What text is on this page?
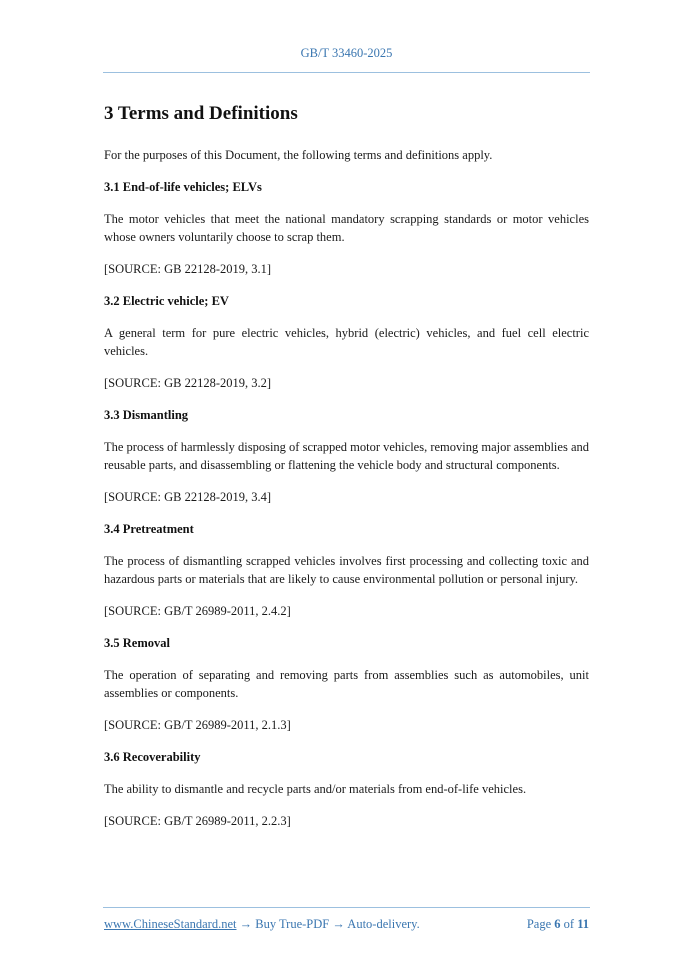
GB/T 33460-2025
3 Terms and Definitions

For the purposes of this Document, the following terms and definitions apply.

3.1 End-of-life vehicles; ELVs

The motor vehicles that meet the national mandatory scrapping standards or motor vehicles whose owners voluntarily choose to scrap them.

[SOURCE: GB 22128-2019, 3.1]

3.2 Electric vehicle; EV

A general term for pure electric vehicles, hybrid (electric) vehicles, and fuel cell electric vehicles.

[SOURCE: GB 22128-2019, 3.2]

3.3 Dismantling

The process of harmlessly disposing of scrapped motor vehicles, removing major assemblies and reusable parts, and disassembling or flattening the vehicle body and structural components.

[SOURCE: GB 22128-2019, 3.4]

3.4 Pretreatment

The process of dismantling scrapped vehicles involves first processing and collecting toxic and hazardous parts or materials that are likely to cause environmental pollution or personal injury.

[SOURCE: GB/T 26989-2011, 2.4.2]

3.5 Removal

The operation of separating and removing parts from assemblies such as automobiles, unit assemblies or components.

[SOURCE: GB/T 26989-2011, 2.1.3]

3.6 Recoverability

The ability to dismantle and recycle parts and/or materials from end-of-life vehicles.

[SOURCE: GB/T 26989-2011, 2.2.3]

www.ChineseStandard.net → Buy True-PDF → Auto-delivery.	Page 6 of 11
